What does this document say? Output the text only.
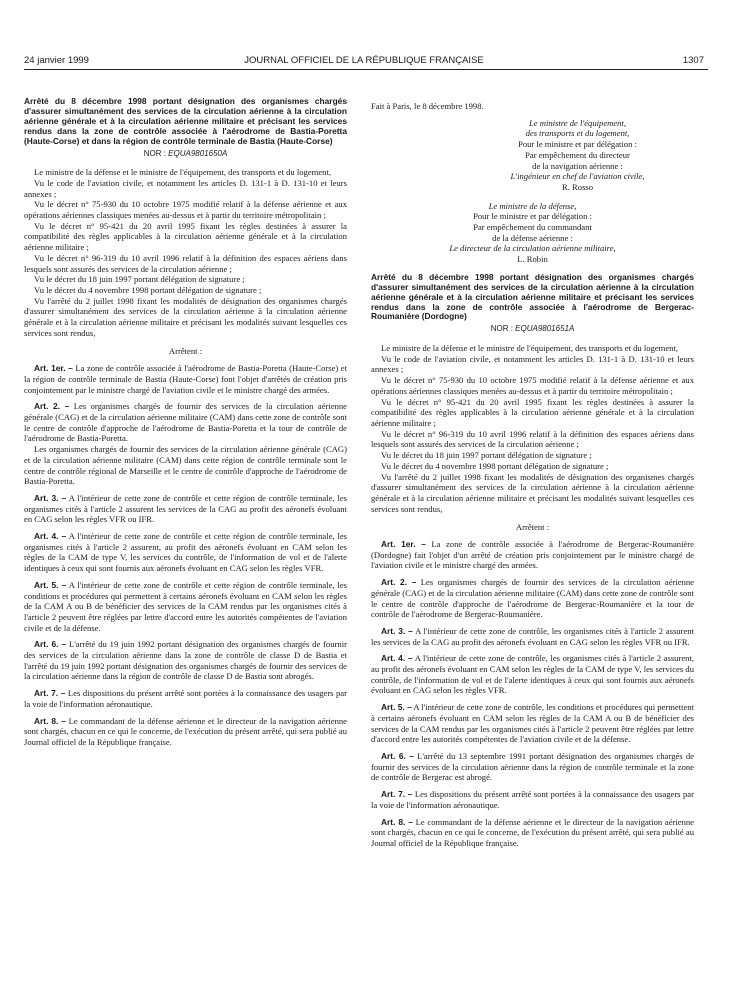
24 janvier 1999	JOURNAL OFFICIEL DE LA RÉPUBLIQUE FRANÇAISE	1307

Arrêté du 8 décembre 1998 portant désignation des organismes chargés d'assurer simultanément des services de la circulation aérienne à la circulation aérienne générale et à la circulation aérienne militaire et précisant les services rendus dans la zone de contrôle associée à l'aérodrome de Bastia-Poretta (Haute-Corse) et dans la région de contrôle terminale de Bastia (Haute-Corse)

NOR : EQUA9801650A

Le ministre de la défense et le ministre de l'équipement, des transports et du logement,

Vu le code de l'aviation civile, et notamment les articles D. 131-1 à D. 131-10 et leurs annexes ;

Vu le décret n° 75-930 du 10 octobre 1975 modifié relatif à la défense aérienne et aux opérations aériennes classiques menées au-dessus et à partir du territoire métropolitain ;

Vu le décret n° 95-421 du 20 avril 1995 fixant les règles destinées à assurer la compatibilité des règles applicables à la circulation aérienne générale et à la circulation aérienne militaire ;

Vu le décret n° 96-319 du 10 avril 1996 relatif à la définition des espaces aériens dans lesquels sont assurés des services de la circulation aérienne ;

Vu le décret du 18 juin 1997 portant délégation de signature ;

Vu le décret du 4 novembre 1998 portant délégation de signature ;

Vu l'arrêté du 2 juillet 1998 fixant les modalités de désignation des organismes chargés d'assurer simultanément des services de la circulation aérienne à la circulation aérienne générale et à la circulation aérienne militaire et précisant les modalités suivant lesquelles ces services sont rendus,

Arrêtent :

Art. 1er. – La zone de contrôle associée à l'aérodrome de Bastia-Poretta (Haute-Corse) et la région de contrôle terminale de Bastia (Haute-Corse) font l'objet d'arrêtés de création pris conjointement par le ministre chargé de l'aviation civile et le ministre chargé des armées.

Art. 2. – Les organismes chargés de fournir des services de la circulation aérienne générale (CAG) et de la circulation aérienne militaire (CAM) dans cette zone de contrôle sont le centre de contrôle d'approche de l'aérodrome de Bastia-Poretta et la tour de contrôle de l'aérodrome de Bastia-Poretta.

Les organismes chargés de fournir des services de la circulation aérienne générale (CAG) et de la circulation aérienne militaire (CAM) dans cette région de contrôle terminale sont le centre de contrôle régional de Marseille et le centre de contrôle d'approche de l'aérodrome de Bastia-Poretta.

Art. 3. – A l'intérieur de cette zone de contrôle et cette région de contrôle terminale, les organismes cités à l'article 2 assurent les services de la CAG au profit des aéronefs évoluant en CAG selon les règles VFR ou IFR.

Art. 4. – A l'intérieur de cette zone de contrôle et cette région de contrôle terminale, les organismes cités à l'article 2 assurent, au profit des aéronefs évoluant en CAM selon les règles de la CAM de type V, les services du contrôle, de l'information de vol et de l'alerte identiques à ceux qui sont fournis aux aéronefs évoluant en CAG selon les règles VFR.

Art. 5. – A l'intérieur de cette zone de contrôle et cette région de contrôle terminale, les conditions et procédures qui permettent à certains aéronefs évoluant en CAM selon les règles de la CAM A ou B de bénéficier des services de la CAM rendus par les organismes cités à l'article 2 peuvent être réglées par lettre d'accord entre les autorités compétentes de l'aviation civile et de la défense.

Art. 6. – L'arrêté du 19 juin 1992 portant désignation des organismes chargés de fournir des services de la circulation aérienne dans la zone de contrôle de classe D de Bastia et l'arrêté du 19 juin 1992 portant désignation des organismes chargés de fournir des services de la circulation aérienne dans la région de contrôle de classe D de Bastia sont abrogés.

Art. 7. – Les dispositions du présent arrêté sont portées à la connaissance des usagers par la voie de l'information aéronautique.

Art. 8. – Le commandant de la défense aérienne et le directeur de la navigation aérienne sont chargés, chacun en ce qui le concerne, de l'exécution du présent arrêté, qui sera publié au Journal officiel de la République française.

Fait à Paris, le 8 décembre 1998.

Le ministre de l'équipement,
des transports et du logement,
Pour le ministre et par délégation :
Par empêchement du directeur
de la navigation aérienne :
L'ingénieur en chef de l'aviation civile,
R. Rosso
Le ministre de la défense,
Pour le ministre et par délégation :
Par empêchement du commandant
de la défense aérienne :
Le directeur de la circulation aérienne militaire,
L. Robin

Arrêté du 8 décembre 1998 portant désignation des organismes chargés d'assurer simultanément des services de la circulation aérienne à la circulation aérienne générale et à la circulation aérienne militaire et précisant les services rendus dans la zone de contrôle associée à l'aérodrome de Bergerac-Roumanière (Dordogne)

NOR : EQUA9801651A

Le ministre de la défense et le ministre de l'équipement, des transports et du logement,

Vu le code de l'aviation civile, et notamment les articles D. 131-1 à D. 131-10 et leurs annexes ;

Vu le décret n° 75-930 du 10 octobre 1975 modifié relatif à la défense aérienne et aux opérations aériennes classiques menées au-dessus et à partir du territoire métropolitain ;

Vu le décret n° 95-421 du 20 avril 1995 fixant les règles destinées à assurer la compatibilité des règles applicables à la circulation aérienne générale et à la circulation aérienne militaire ;

Vu le décret n° 96-319 du 10 avril 1996 relatif à la définition des espaces aériens dans lesquels sont assurés des services de la circulation aérienne ;

Vu le décret du 18 juin 1997 portant délégation de signature ;

Vu le décret du 4 novembre 1998 portant délégation de signature ;

Vu l'arrêté du 2 juillet 1998 fixant les modalités de désignation des organismes chargés d'assurer simultanément des services de la circulation aérienne à la circulation aérienne générale et à la circulation aérienne militaire et précisant les modalités suivant lesquelles ces services sont rendus,

Arrêtent :

Art. 1er. – La zone de contrôle associée à l'aérodrome de Bergerac-Roumanière (Dordogne) fait l'objet d'un arrêté de création pris conjointement par le ministre chargé de l'aviation civile et le ministre chargé des armées.

Art. 2. – Les organismes chargés de fournir des services de la circulation aérienne générale (CAG) et de la circulation aérienne militaire (CAM) dans cette zone de contrôle sont le centre de contrôle d'approche de l'aérodrome de Bergerac-Roumanière et la tour de contrôle de l'aérodrome de Bergerac-Roumanière.

Art. 3. – A l'intérieur de cette zone de contrôle, les organismes cités à l'article 2 assurent les services de la CAG au profit des aéronefs évoluant en CAG selon les règles VFR ou IFR.

Art. 4. – A l'intérieur de cette zone de contrôle, les organismes cités à l'article 2 assurent, au profit des aéronefs évoluant en CAM selon les règles de la CAM de type V, les services du contrôle, de l'information de vol et de l'alerte identiques à ceux qui sont fournis aux aéronefs évoluant en CAG selon les règles VFR.

Art. 5. – A l'intérieur de cette zone de contrôle, les conditions et procédures qui permettent à certains aéronefs évoluant en CAM selon les règles de la CAM A ou B de bénéficier des services de la CAM rendus par les organismes cités à l'article 2 peuvent être réglées par lettre d'accord entre les autorités compétentes de l'aviation civile et de la défense.

Art. 6. – L'arrêté du 13 septembre 1991 portant désignation des organismes chargés de fournir des services de la circulation aérienne dans la région de contrôle terminale et la zone de contrôle de Bergerac est abrogé.

Art. 7. – Les dispositions du présent arrêté sont portées à la connaissance des usagers par la voie de l'information aéronautique.

Art. 8. – Le commandant de la défense aérienne et le directeur de la navigation aérienne sont chargés, chacun en ce qui le concerne, de l'exécution du présent arrêté, qui sera publié au Journal officiel de la République française.
